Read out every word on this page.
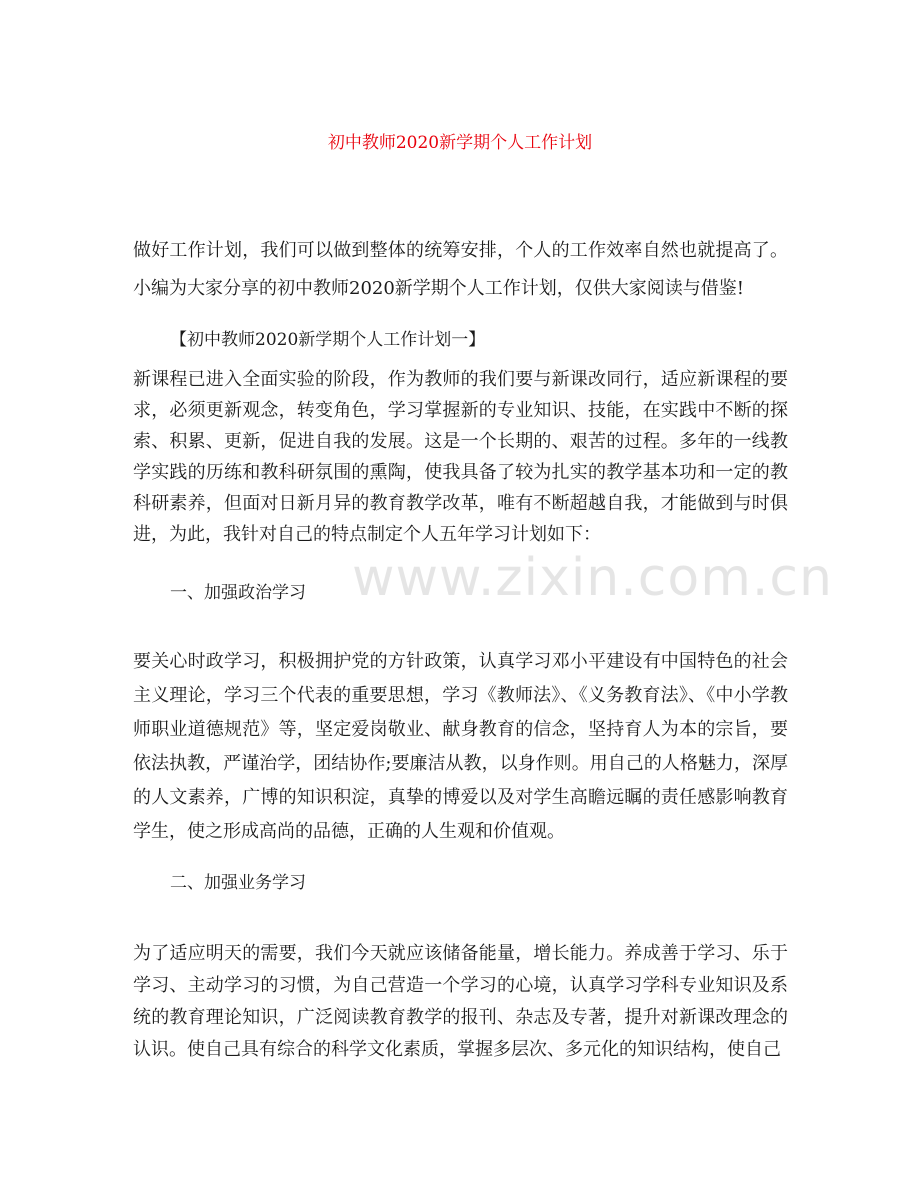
初中教师2020新学期个人工作计划
做好工作计划，我们可以做到整体的统筹安排，个人的工作效率自然也就提高了。小编为大家分享的初中教师2020新学期个人工作计划，仅供大家阅读与借鉴!
【初中教师2020新学期个人工作计划一】
新课程已进入全面实验的阶段，作为教师的我们要与新课改同行，适应新课程的要求，必须更新观念，转变角色，学习掌握新的专业知识、技能，在实践中不断的探索、积累、更新，促进自我的发展。这是一个长期的、艰苦的过程。多年的一线教学实践的历练和教科研氛围的熏陶，使我具备了较为扎实的教学基本功和一定的教科研素养，但面对日新月异的教育教学改革，唯有不断超越自我，才能做到与时俱进，为此，我针对自己的特点制定个人五年学习计划如下：
一、加强政治学习
要关心时政学习，积极拥护党的方针政策，认真学习邓小平建设有中国特色的社会主义理论，学习三个代表的重要思想，学习《教师法》、《义务教育法》、《中小学教师职业道德规范》等，坚定爱岗敬业、献身教育的信念，坚持育人为本的宗旨，要依法执教，严谨治学，团结协作;要廉洁从教，以身作则。用自己的人格魅力，深厚的人文素养，广博的知识积淀，真挚的博爱以及对学生高瞻远瞩的责任感影响教育学生，使之形成高尚的品德，正确的人生观和价值观。
二、加强业务学习
为了适应明天的需要，我们今天就应该储备能量，增长能力。养成善于学习、乐于学习、主动学习的习惯，为自己营造一个学习的心境，认真学习学科专业知识及系统的教育理论知识，广泛阅读教育教学的报刊、杂志及专著，提升对新课改理念的认识。使自己具有综合的科学文化素质，掌握多层次、多元化的知识结构，使自己
www.zixin.com.cn
